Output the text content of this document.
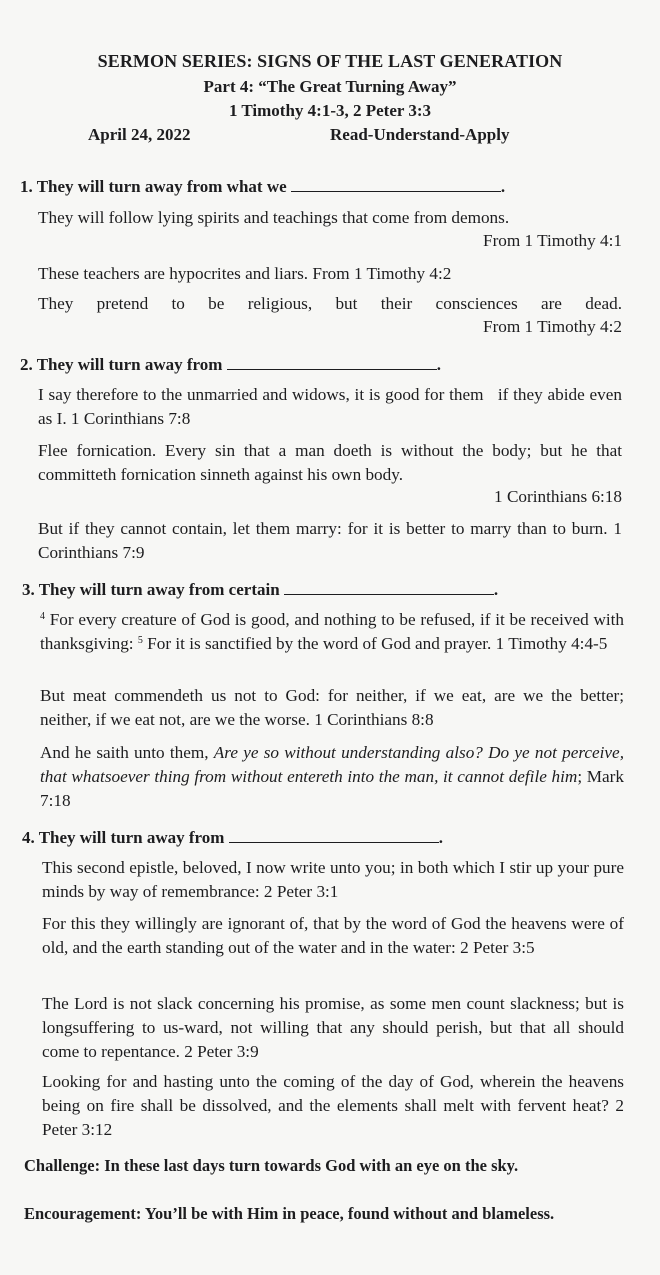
SERMON SERIES: SIGNS OF THE LAST GENERATION
Part 4: “The Great Turning Away”
1 Timothy 4:1-3, 2 Peter 3:3
April 24, 2022	Read-Understand-Apply
1. They will turn away from what we	.
They will follow lying spirits and teachings that come from demons.
From 1 Timothy 4:1
These teachers are hypocrites and liars. From 1 Timothy 4:2
They pretend to be religious, but their consciences are dead.
From 1 Timothy 4:2
2. They will turn away from	.
I say therefore to the unmarried and widows, it is good for them   if they abide even as I. 1 Corinthians 7:8
Flee fornication. Every sin that a man doeth is without the body; but he that committeth fornication sinneth against his own body.
1 Corinthians 6:18
But if they cannot contain, let them marry: for it is better to marry than to burn. 1 Corinthians 7:9
3. They will turn away from certain	.
$^4$ For every creature of God is good, and nothing to be refused, if it be received with thanksgiving: $^5$ For it is sanctified by the word of God and prayer. 1 Timothy 4:4-5
But meat commendeth us not to God: for neither, if we eat, are we the better; neither, if we eat not, are we the worse. 1 Corinthians 8:8
And he saith unto them, Are ye so without understanding also? Do ye not perceive, that whatsoever thing from without entereth into the man, it cannot defile him; Mark 7:18
4. They will turn away from	.
This second epistle, beloved, I now write unto you; in both which I stir up your pure minds by way of remembrance: 2 Peter 3:1
For this they willingly are ignorant of, that by the word of God the heavens were of old, and the earth standing out of the water and in the water: 2 Peter 3:5
The Lord is not slack concerning his promise, as some men count slackness; but is longsuffering to us-ward, not willing that any should perish, but that all should come to repentance. 2 Peter 3:9
Looking for and hasting unto the coming of the day of God, wherein the heavens being on fire shall be dissolved, and the elements shall melt with fervent heat? 2 Peter 3:12
Challenge: In these last days turn towards God with an eye on the sky.
Encouragement: You’ll be with Him in peace, found without and blameless.
